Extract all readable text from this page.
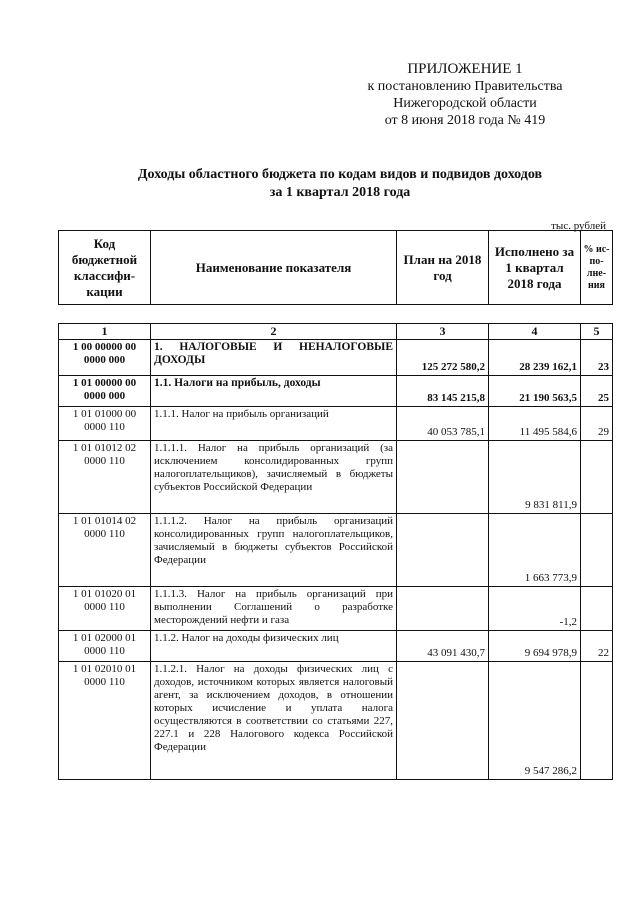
ПРИЛОЖЕНИЕ 1
к постановлению Правительства
Нижегородской области
от 8 июня 2018 года № 419
Доходы областного бюджета по кодам видов и подвидов доходов
за 1 квартал 2018 года
тыс. рублей
Код бюджетной классифи-кации	Наименование показателя	План на 2018 год	Исполнено за 1 квартал 2018 года	% ис-по-лне-ния
1	2	3	4	5
1 00 00000 00 0000 000	1. НАЛОГОВЫЕ И НЕНАЛОГОВЫЕ ДОХОДЫ	125 272 580,2	28 239 162,1	23
1 01 00000 00 0000 000	1.1. Налоги на прибыль, доходы	83 145 215,8	21 190 563,5	25
1 01 01000 00 0000 110	1.1.1. Налог на прибыль организаций	40 053 785,1	11 495 584,6	29
1 01 01012 02 0000 110	1.1.1.1. Налог на прибыль организаций (за исключением консолидированных групп налогоплательщиков), зачисляемый в бюджеты субъектов Российской Федерации		9 831 811,9	
1 01 01014 02 0000 110	1.1.1.2. Налог на прибыль организаций консолидированных групп налогоплательщиков, зачисляемый в бюджеты субъектов Российской Федерации		1 663 773,9	
1 01 01020 01 0000 110	1.1.1.3. Налог на прибыль организаций при выполнении Соглашений о разработке месторождений нефти и газа		-1,2	
1 01 02000 01 0000 110	1.1.2. Налог на доходы физических лиц	43 091 430,7	9 694 978,9	22
1 01 02010 01 0000 110	1.1.2.1. Налог на доходы физических лиц с доходов, источником которых является налоговый агент, за исключением доходов, в отношении которых исчисление и уплата налога осуществляются в соответствии со статьями 227, 227.1 и 228 Налогового кодекса Российской Федерации		9 547 286,2	
